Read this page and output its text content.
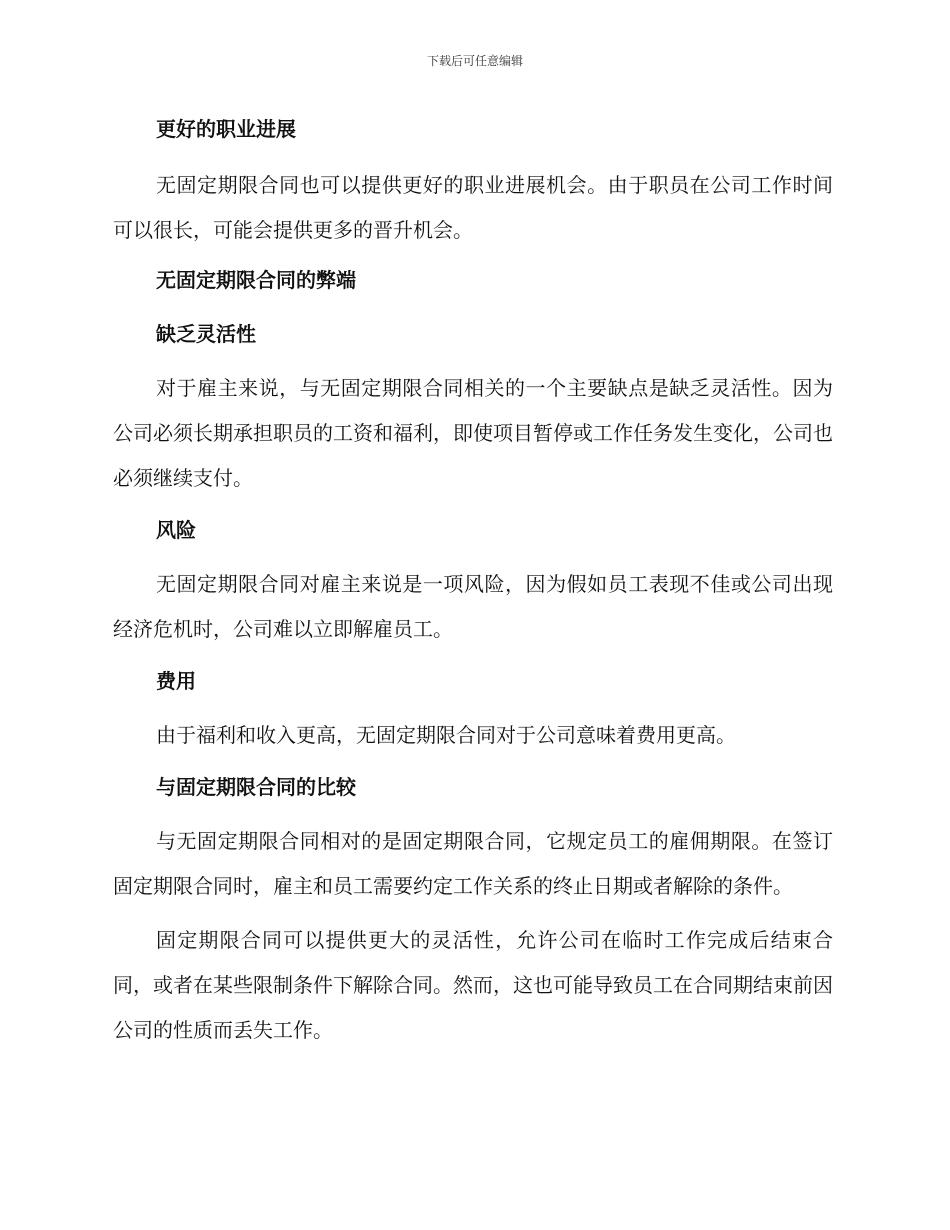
下载后可任意编辑

更好的职业进展

无固定期限合同也可以提供更好的职业进展机会。由于职员在公司工作时间可以很长，可能会提供更多的晋升机会。

无固定期限合同的弊端

缺乏灵活性

对于雇主来说，与无固定期限合同相关的一个主要缺点是缺乏灵活性。因为公司必须长期承担职员的工资和福利，即使项目暂停或工作任务发生变化，公司也必须继续支付。

风险

无固定期限合同对雇主来说是一项风险，因为假如员工表现不佳或公司出现经济危机时，公司难以立即解雇员工。

费用

由于福利和收入更高，无固定期限合同对于公司意味着费用更高。

与固定期限合同的比较

与无固定期限合同相对的是固定期限合同，它规定员工的雇佣期限。在签订固定期限合同时，雇主和员工需要约定工作关系的终止日期或者解除的条件。

固定期限合同可以提供更大的灵活性，允许公司在临时工作完成后结束合同，或者在某些限制条件下解除合同。然而，这也可能导致员工在合同期结束前因公司的性质而丢失工作。
